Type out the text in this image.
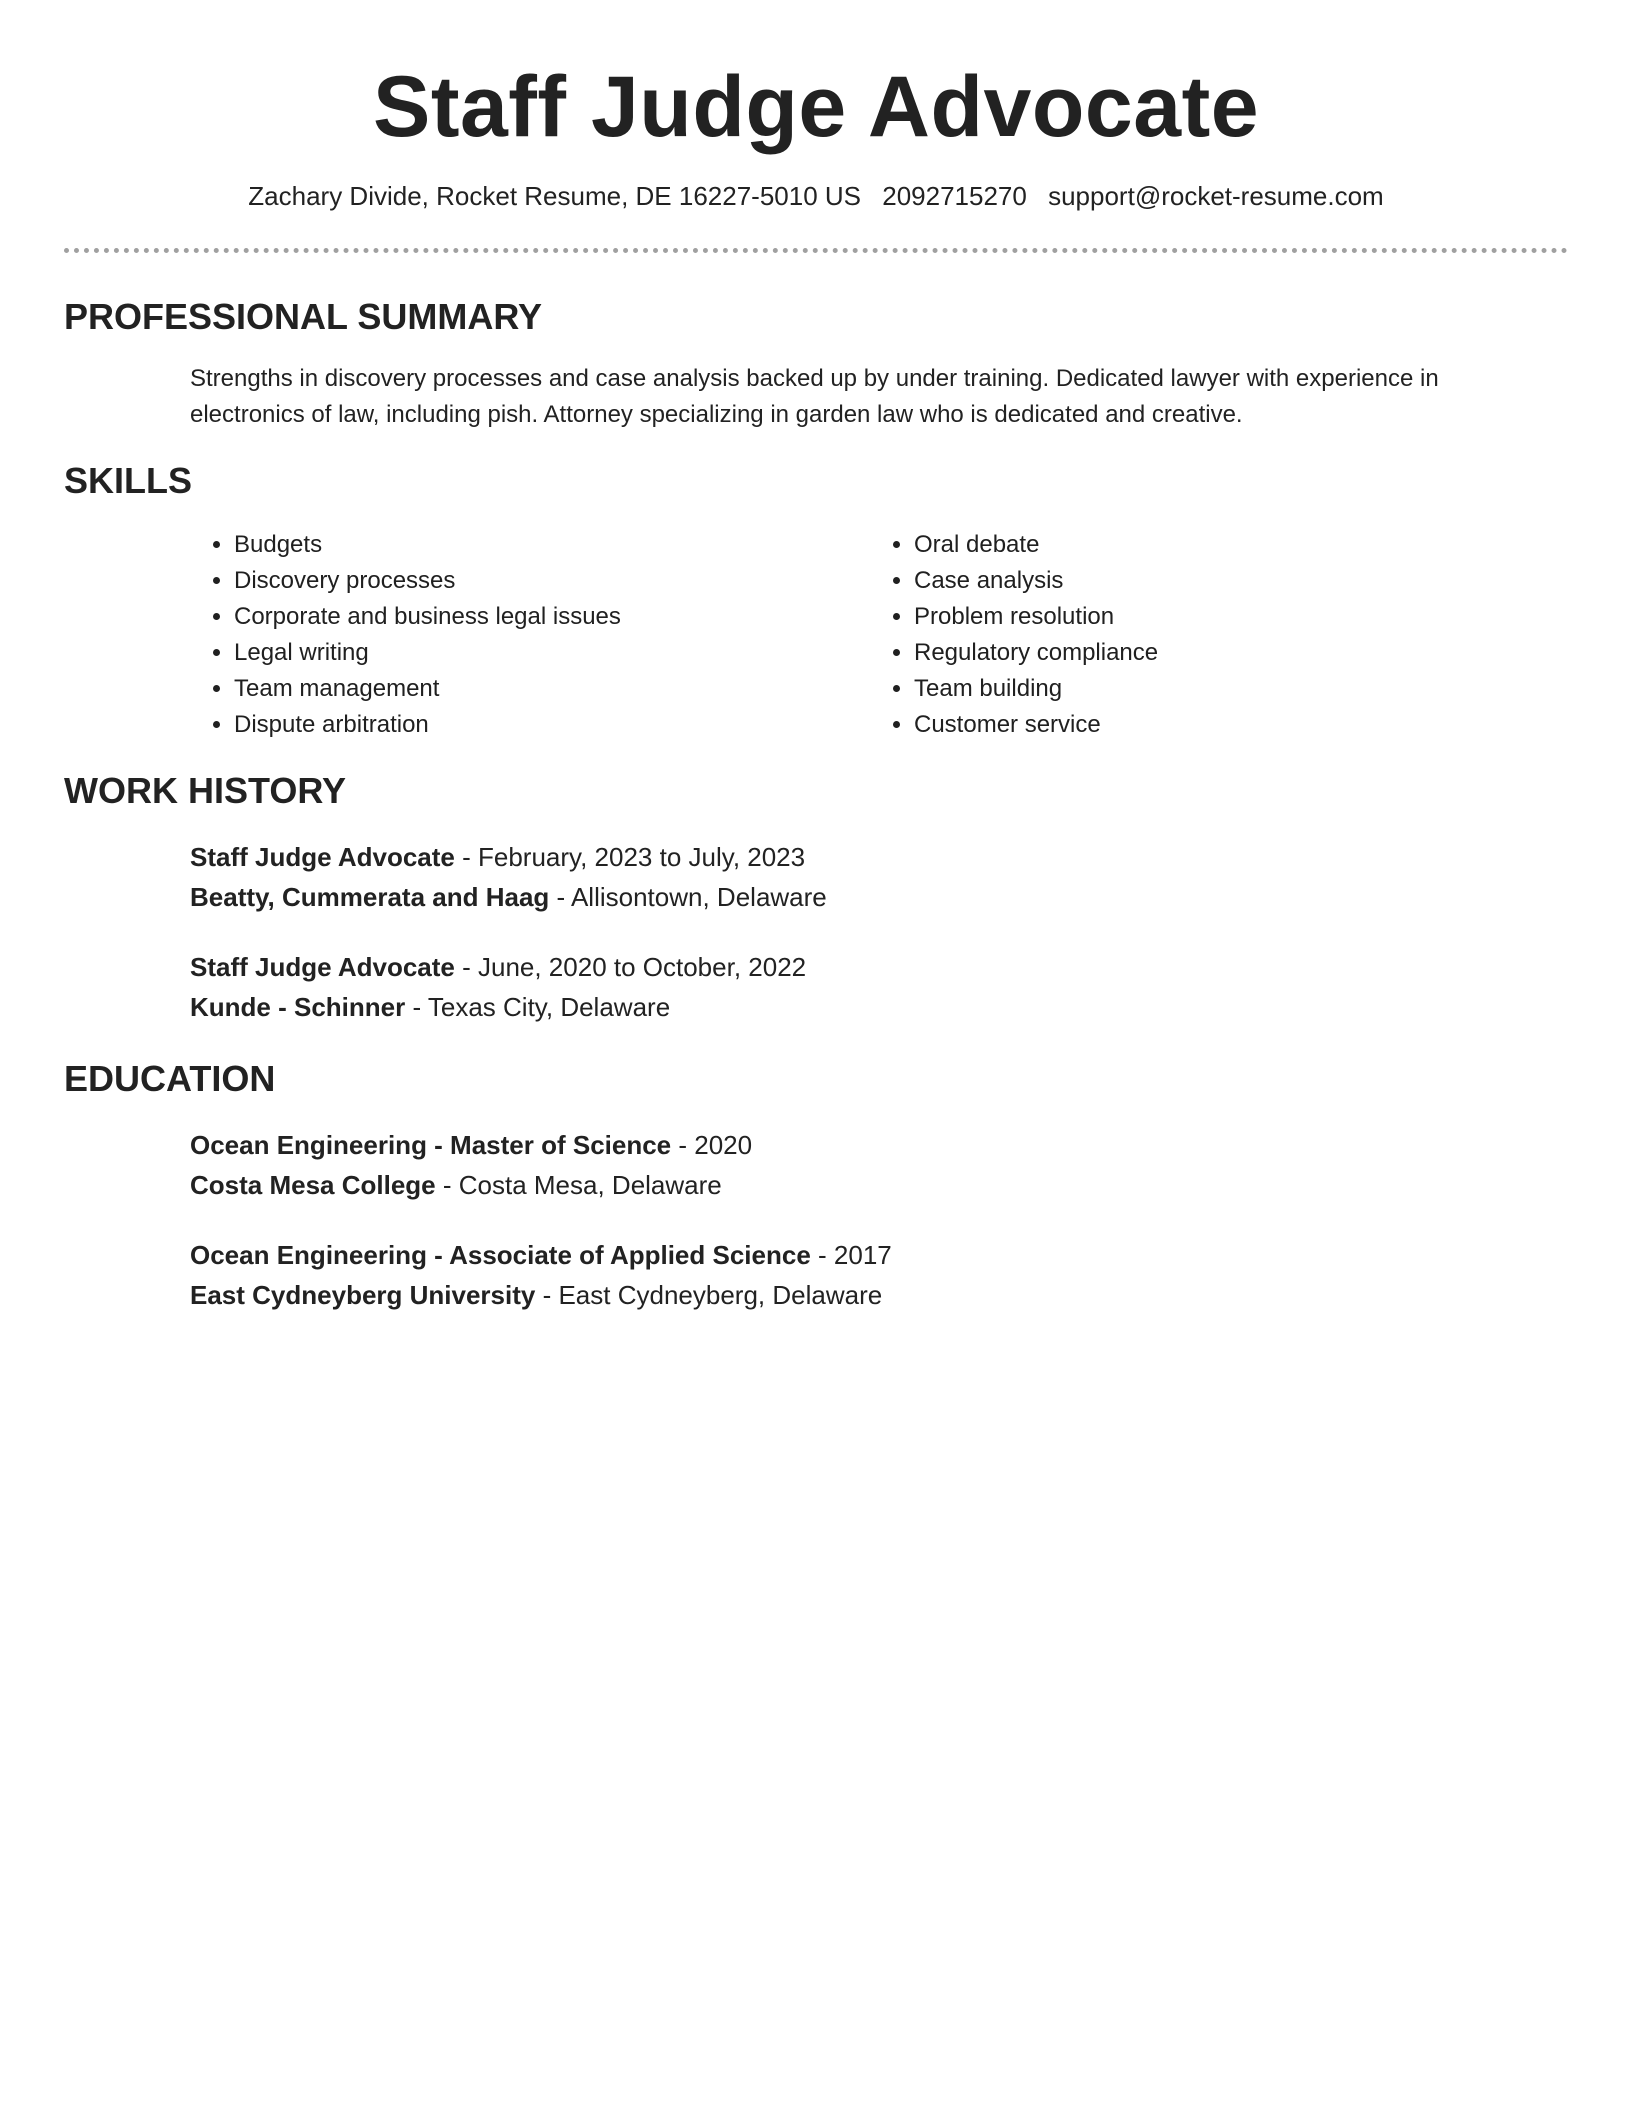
Staff Judge Advocate
Zachary Divide, Rocket Resume, DE 16227-5010 US 2092715270 support@rocket-resume.com
PROFESSIONAL SUMMARY
Strengths in discovery processes and case analysis backed up by under training. Dedicated lawyer with experience in electronics of law, including pish. Attorney specializing in garden law who is dedicated and creative.
SKILLS
• Budgets
• Discovery processes
• Corporate and business legal issues
• Legal writing
• Team management
• Dispute arbitration
• Oral debate
• Case analysis
• Problem resolution
• Regulatory compliance
• Team building
• Customer service
WORK HISTORY
Staff Judge Advocate - February, 2023 to July, 2023
Beatty, Cummerata and Haag - Allisontown, Delaware
Staff Judge Advocate - June, 2020 to October, 2022
Kunde - Schinner - Texas City, Delaware
EDUCATION
Ocean Engineering - Master of Science - 2020
Costa Mesa College - Costa Mesa, Delaware
Ocean Engineering - Associate of Applied Science - 2017
East Cydneyberg University - East Cydneyberg, Delaware
